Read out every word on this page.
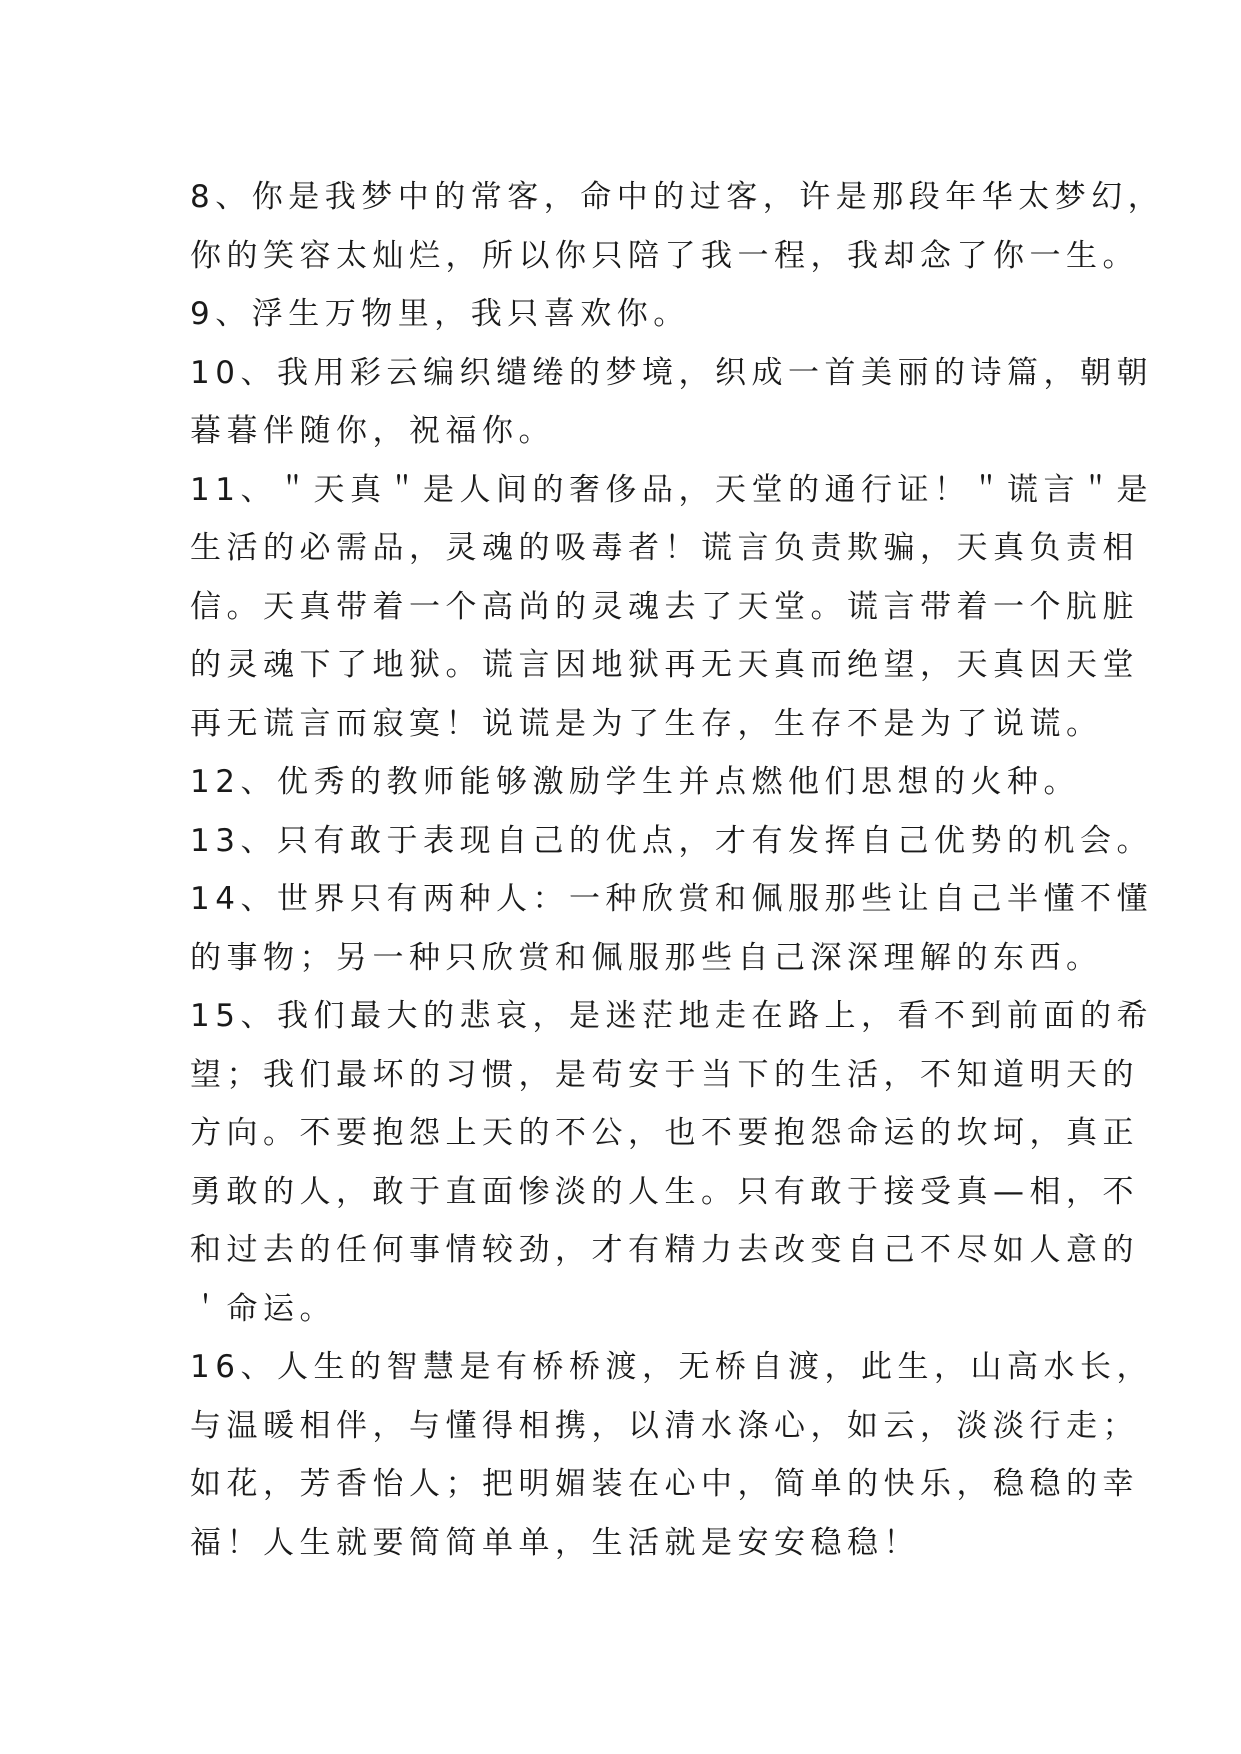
8、你是我梦中的常客，命中的过客，许是那段年华太梦幻，
你的笑容太灿烂，所以你只陪了我一程，我却念了你一生。
9、浮生万物里，我只喜欢你。
10、我用彩云编织缱绻的梦境，织成一首美丽的诗篇，朝朝
暮暮伴随你，祝福你。
11、＂天真＂是人间的奢侈品，天堂的通行证！＂谎言＂是
生活的必需品，灵魂的吸毒者！谎言负责欺骗，天真负责相
信。天真带着一个高尚的灵魂去了天堂。谎言带着一个肮脏
的灵魂下了地狱。谎言因地狱再无天真而绝望，天真因天堂
再无谎言而寂寞！说谎是为了生存，生存不是为了说谎。
12、优秀的教师能够激励学生并点燃他们思想的火种。
13、只有敢于表现自己的优点，才有发挥自己优势的机会。
14、世界只有两种人：一种欣赏和佩服那些让自己半懂不懂
的事物；另一种只欣赏和佩服那些自己深深理解的东西。
15、我们最大的悲哀，是迷茫地走在路上，看不到前面的希
望；我们最坏的习惯，是苟安于当下的生活，不知道明天的
方向。不要抱怨上天的不公，也不要抱怨命运的坎坷，真正
勇敢的人，敢于直面惨淡的人生。只有敢于接受真—相，不
和过去的任何事情较劲，才有精力去改变自己不尽如人意的
＇命运。
16、人生的智慧是有桥桥渡，无桥自渡，此生，山高水长，
与温暖相伴，与懂得相携，以清水涤心，如云，淡淡行走；
如花，芳香怡人；把明媚装在心中，简单的快乐，稳稳的幸
福！人生就要简简单单，生活就是安安稳稳！
